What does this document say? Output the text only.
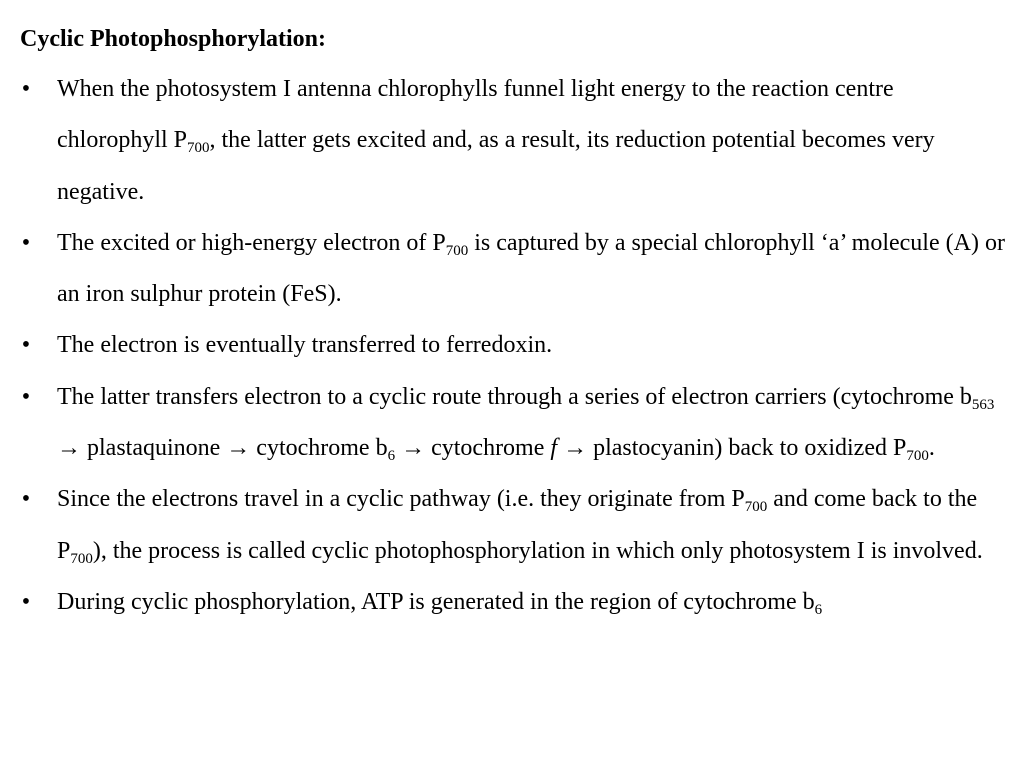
Cyclic Photophosphorylation:
• When the photosystem I antenna chlorophylls funnel light energy to the reaction centre chlorophyll $P_{700}$, the latter gets excited and, as a result, its reduction potential becomes very negative.
• The excited or high-energy electron of $P_{700}$ is captured by a special chlorophyll ‘a’ molecule (A) or an iron sulphur protein (FeS).
• The electron is eventually transferred to ferredoxin.
• The latter transfers electron to a cyclic route through a series of electron carriers (cytochrome $b_{563}$ → plastaquinone → cytochrome $b_6$ → cytochrome f → plastocyanin) back to oxidized $P_{700}$.
• Since the electrons travel in a cyclic pathway (i.e. they originate from $P_{700}$ and come back to the $P_{700}$), the process is called cyclic photophosphorylation in which only photosystem I is involved.
• During cyclic phosphorylation, ATP is generated in the region of cytochrome $b_6$
